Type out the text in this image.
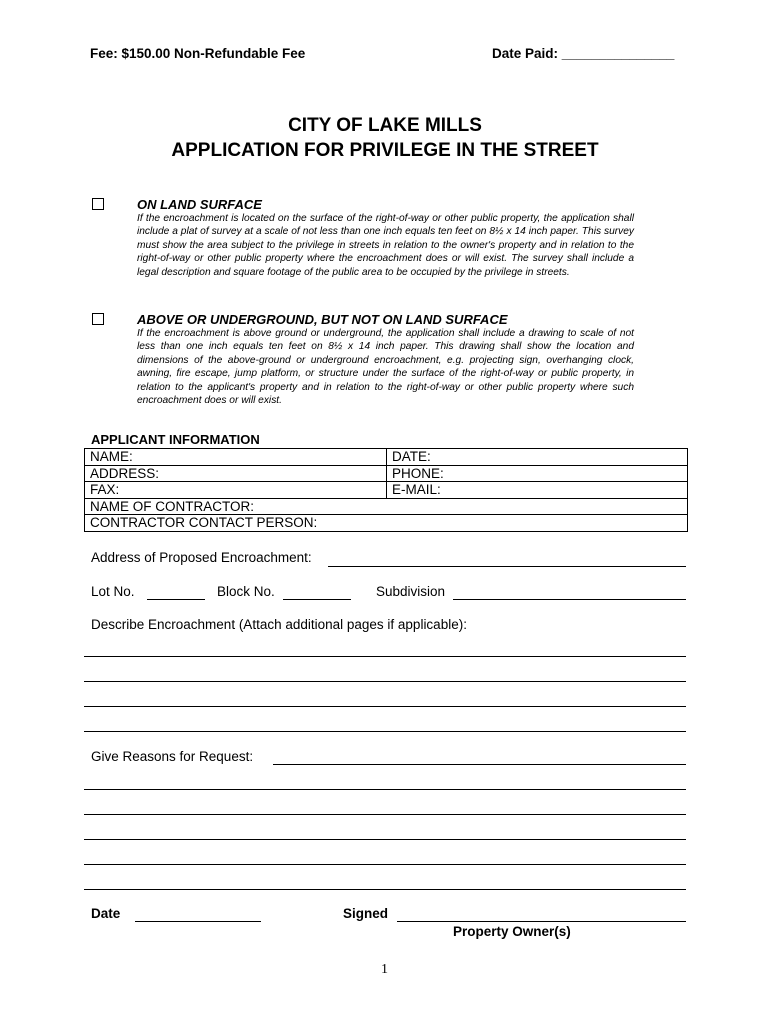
Fee: $150.00 Non-Refundable Fee	Date Paid: _______________
CITY OF LAKE MILLS
APPLICATION FOR PRIVILEGE IN THE STREET
ON LAND SURFACE
If the encroachment is located on the surface of the right-of-way or other public property, the application shall include a plat of survey at a scale of not less than one inch equals ten feet on 8½ x 14 inch paper. This survey must show the area subject to the privilege in streets in relation to the owner's property and in relation to the right-of-way or other public property where the encroachment does or will exist. The survey shall include a legal description and square footage of the public area to be occupied by the privilege in streets.
ABOVE OR UNDERGROUND, BUT NOT ON LAND SURFACE
If the encroachment is above ground or underground, the application shall include a drawing to scale of not less than one inch equals ten feet on 8½ x 14 inch paper. This drawing shall show the location and dimensions of the above-ground or underground encroachment, e.g. projecting sign, overhanging clock, awning, fire escape, jump platform, or structure under the surface of the right-of-way or public property, in relation to the applicant's property and in relation to the right-of-way or other public property where such encroachment does or will exist.
APPLICANT INFORMATION
NAME:	DATE:
ADDRESS:	PHONE:
FAX:	E-MAIL:
NAME OF CONTRACTOR:	
CONTRACTOR CONTACT PERSON:	
Address of Proposed Encroachment:
Lot No.	Block No.	Subdivision
Describe Encroachment (Attach additional pages if applicable):
Give Reasons for Request:
Date	Signed
Property Owner(s)
1
